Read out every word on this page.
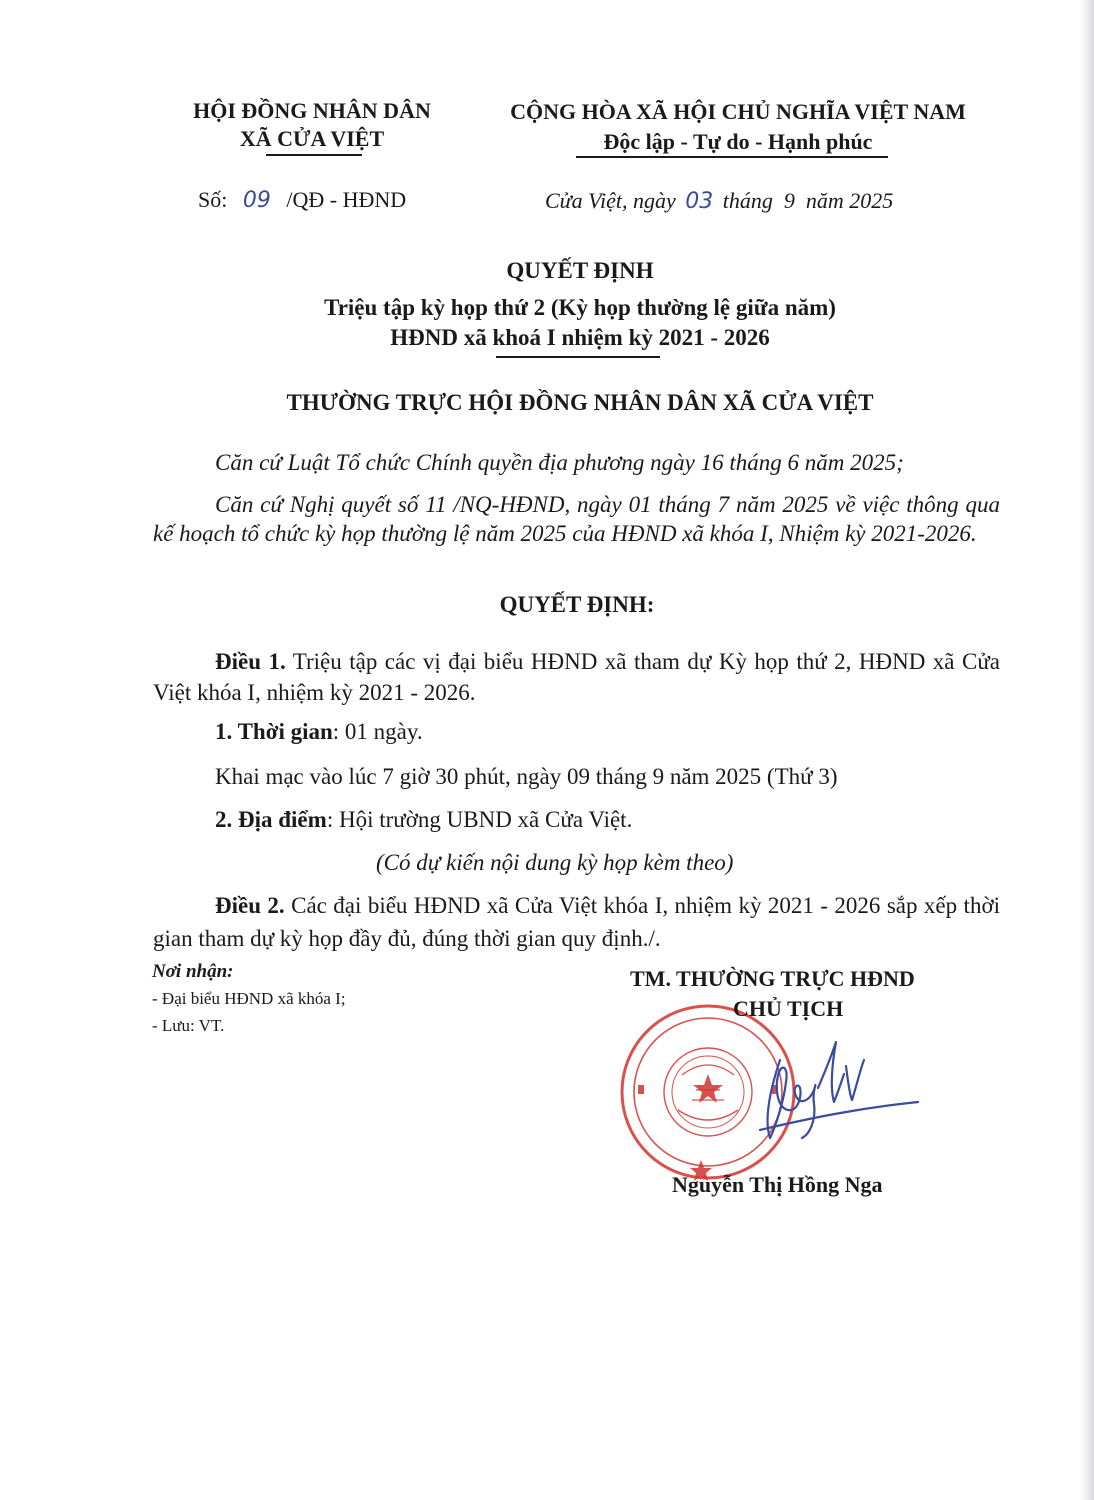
HỘI ĐỒNG NHÂN DÂN
XÃ CỬA VIỆT
CỘNG HÒA XÃ HỘI CHỦ NGHĨA VIỆT NAM
Độc lập - Tự do - Hạnh phúc
Số: 09 /QĐ - HĐND	Cửa Việt, ngày 03 tháng  9  năm 2025
QUYẾT ĐỊNH
Triệu tập kỳ họp thứ 2 (Kỳ họp thường lệ giữa năm)
HĐND xã khoá I nhiệm kỳ 2021 - 2026
THƯỜNG TRỰC HỘI ĐỒNG NHÂN DÂN XÃ CỬA VIỆT
Căn cứ Luật Tổ chức Chính quyền địa phương ngày 16 tháng 6 năm 2025;
Căn cứ Nghị quyết số 11 /NQ-HĐND, ngày 01 tháng 7 năm 2025 về việc thông qua kế hoạch tổ chức kỳ họp thường lệ năm 2025 của HĐND xã khóa I, Nhiệm kỳ 2021-2026.
QUYẾT ĐỊNH:
Điều 1. Triệu tập các vị đại biểu HĐND xã tham dự Kỳ họp thứ 2, HĐND xã Cửa Việt khóa I, nhiệm kỳ 2021 - 2026.
1. Thời gian: 01 ngày.
Khai mạc vào lúc 7 giờ 30 phút, ngày 09 tháng 9 năm 2025 (Thứ 3)
2. Địa điểm: Hội trường UBND xã Cửa Việt.
(Có dự kiến nội dung kỳ họp kèm theo)
Điều 2. Các đại biểu HĐND xã Cửa Việt khóa I, nhiệm kỳ 2021 - 2026 sắp xếp thời gian tham dự kỳ họp đầy đủ, đúng thời gian quy định./.
Nơi nhận:
- Đại biểu HĐND xã khóa I;
- Lưu: VT.
TM. THƯỜNG TRỰC HĐND
CHỦ TỊCH
Nguyễn Thị Hồng Nga
